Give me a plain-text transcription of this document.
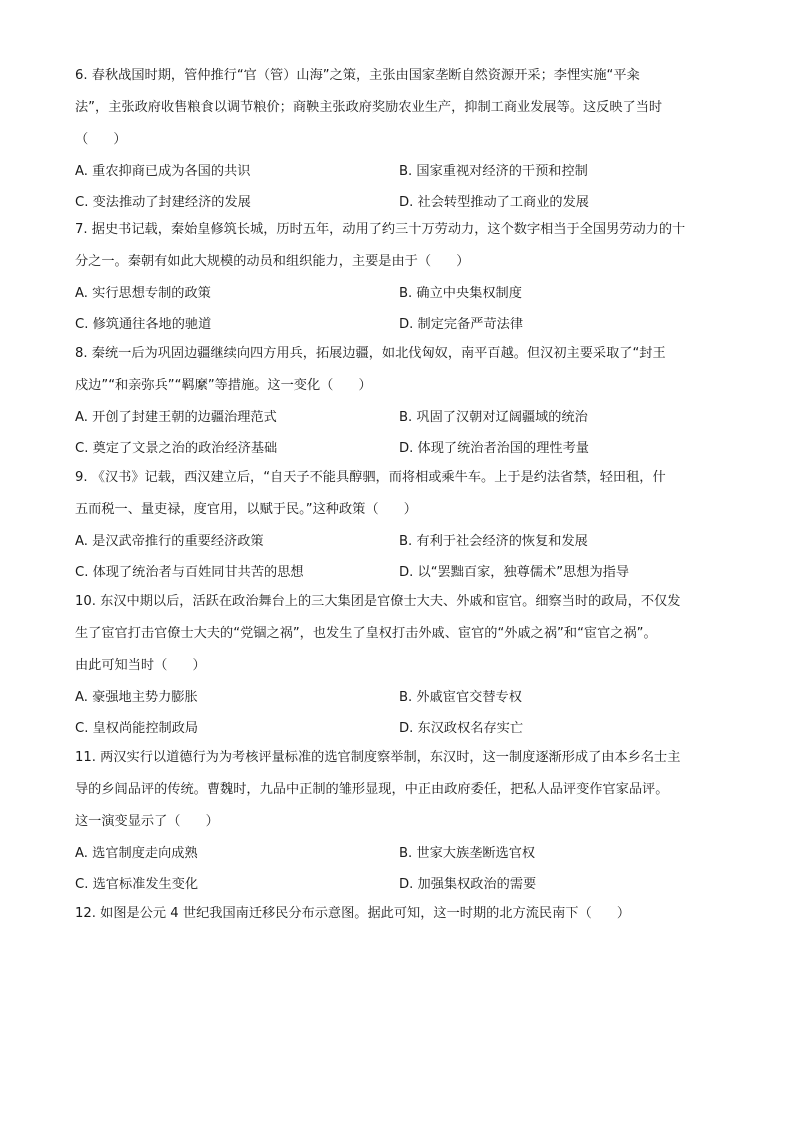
6. 春秋战国时期，管仲推行“官（管）山海”之策，主张由国家垄断自然资源开采；李悝实施“平籴
法”，主张政府收售粮食以调节粮价；商鞅主张政府奖励农业生产，抑制工商业发展等。这反映了当时
（      ）

A. 重农抑商已成为各国的共识	B. 国家重视对经济的干预和控制
C. 变法推动了封建经济的发展	D. 社会转型推动了工商业的发展

7. 据史书记载，秦始皇修筑长城，历时五年，动用了约三十万劳动力，这个数字相当于全国男劳动力的十
分之一。秦朝有如此大规模的动员和组织能力，主要是由于（      ）

A. 实行思想专制的政策	B. 确立中央集权制度
C. 修筑通往各地的驰道	D. 制定完备严苛法律

8. 秦统一后为巩固边疆继续向四方用兵，拓展边疆，如北伐匈奴，南平百越。但汉初主要采取了“封王
戍边”“和亲弥兵”“羁縻”等措施。这一变化（      ）

A. 开创了封建王朝的边疆治理范式	B. 巩固了汉朝对辽阔疆域的统治
C. 奠定了文景之治的政治经济基础	D. 体现了统治者治国的理性考量

9. 《汉书》记载，西汉建立后，“自天子不能具醇驷，而将相或乘牛车。上于是约法省禁，轻田租，什
五而税一、量吏禄，度官用，以赋于民。”这种政策（      ）

A. 是汉武帝推行的重要经济政策	B. 有利于社会经济的恢复和发展
C. 体现了统治者与百姓同甘共苦的思想	D. 以“罢黜百家，独尊儒术”思想为指导

10. 东汉中期以后，活跃在政治舞台上的三大集团是官僚士大夫、外戚和宦官。细察当时的政局，不仅发
生了宦官打击官僚士大夫的“党锢之祸”，也发生了皇权打击外戚、宦官的“外戚之祸”和“宦官之祸”。
由此可知当时（      ）

A. 豪强地主势力膨胀	B. 外戚宦官交替专权
C. 皇权尚能控制政局	D. 东汉政权名存实亡

11. 两汉实行以道德行为为考核评量标准的选官制度察举制，东汉时，这一制度逐渐形成了由本乡名士主
导的乡闾品评的传统。曹魏时，九品中正制的雏形显现，中正由政府委任，把私人品评变作官家品评。
这一演变显示了（      ）

A. 选官制度走向成熟	B. 世家大族垄断选官权
C. 选官标准发生变化	D. 加强集权政治的需要

12. 如图是公元 4 世纪我国南迁移民分布示意图。据此可知，这一时期的北方流民南下（      ）
